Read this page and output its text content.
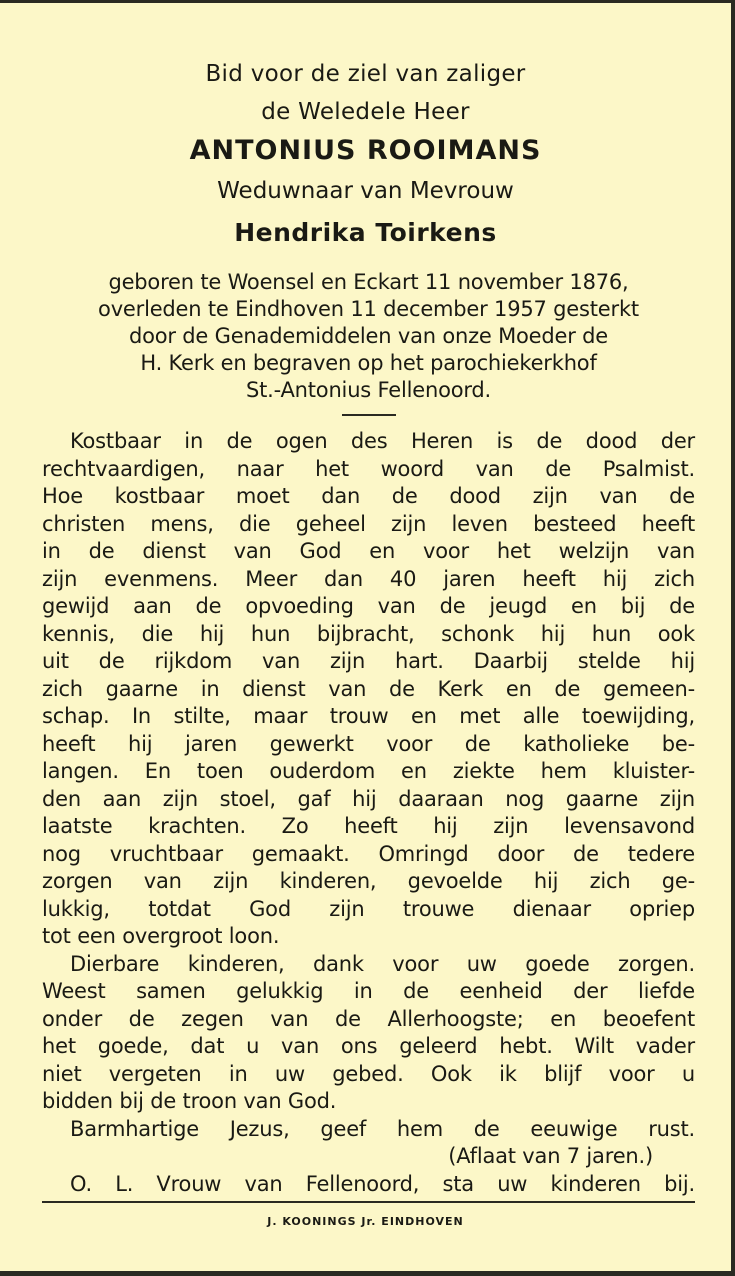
Bid voor de ziel van zaliger
de Weledele Heer
ANTONIUS ROOIMANS
Weduwnaar van Mevrouw
Hendrika Toirkens
geboren te Woensel en Eckart 11 november 1876,
overleden te Eindhoven 11 december 1957 gesterkt
door de Genademiddelen van onze Moeder de
H. Kerk en begraven op het parochiekerkhof
St.-Antonius Fellenoord.
Kostbaar in de ogen des Heren is de dood der
rechtvaardigen, naar het woord van de Psalmist.
Hoe kostbaar moet dan de dood zijn van de
christen mens, die geheel zijn leven besteed heeft
in de dienst van God en voor het welzijn van
zijn evenmens. Meer dan 40 jaren heeft hij zich
gewijd aan de opvoeding van de jeugd en bij de
kennis, die hij hun bijbracht, schonk hij hun ook
uit de rijkdom van zijn hart. Daarbij stelde hij
zich gaarne in dienst van de Kerk en de gemeen-
schap. In stilte, maar trouw en met alle toewijding,
heeft hij jaren gewerkt voor de katholieke be-
langen. En toen ouderdom en ziekte hem kluister-
den aan zijn stoel, gaf hij daaraan nog gaarne zijn
laatste krachten. Zo heeft hij zijn levensavond
nog vruchtbaar gemaakt. Omringd door de tedere
zorgen van zijn kinderen, gevoelde hij zich ge-
lukkig, totdat God zijn trouwe dienaar opriep
tot een overgroot loon.
Dierbare kinderen, dank voor uw goede zorgen.
Weest samen gelukkig in de eenheid der liefde
onder de zegen van de Allerhoogste; en beoefent
het goede, dat u van ons geleerd hebt. Wilt vader
niet vergeten in uw gebed. Ook ik blijf voor u
bidden bij de troon van God.
Barmhartige Jezus, geef hem de eeuwige rust.
(Aflaat van 7 jaren.)
O. L. Vrouw van Fellenoord, sta uw kinderen bij.
J. KOONINGS Jr. EINDHOVEN
